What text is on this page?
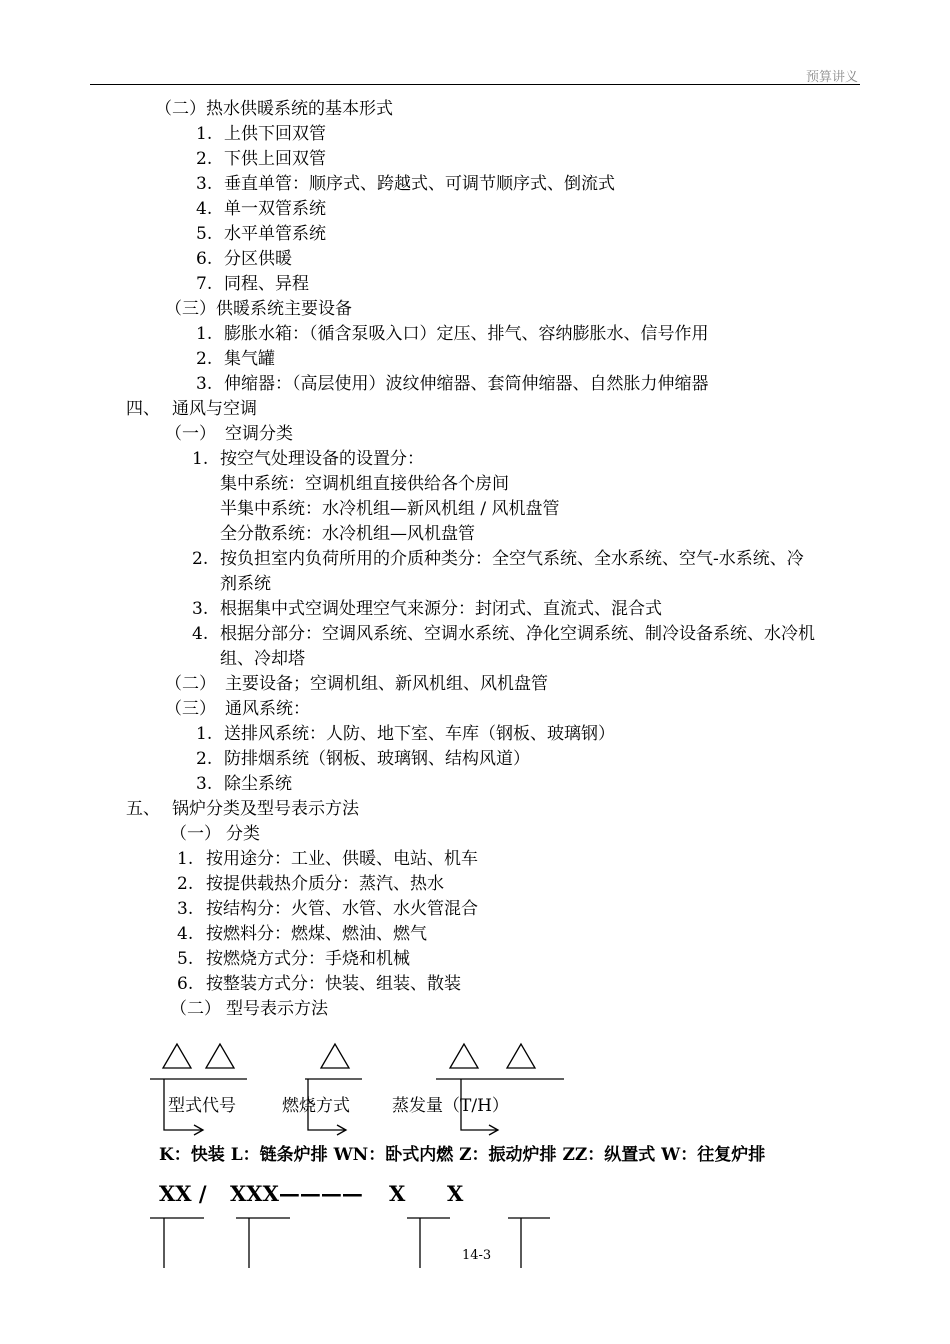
预算讲义
（二）热水供暖系统的基本形式
1. 上供下回双管
2. 下供上回双管
3. 垂直单管：顺序式、跨越式、可调节顺序式、倒流式
4. 单一双管系统
5. 水平单管系统
6. 分区供暖
7. 同程、异程
（三）供暖系统主要设备
1. 膨胀水箱：（循含泵吸入口）定压、排气、容纳膨胀水、信号作用
2. 集气罐
3. 伸缩器：（高层使用）波纹伸缩器、套筒伸缩器、自然胀力伸缩器
四、 通风与空调
（一） 空调分类
1. 按空气处理设备的设置分：
集中系统：空调机组直接供给各个房间
半集中系统：水冷机组—新风机组 / 风机盘管
全分散系统：水冷机组—风机盘管
2. 按负担室内负荷所用的介质种类分：全空气系统、全水系统、空气-水系统、冷
剂系统
3. 根据集中式空调处理空气来源分：封闭式、直流式、混合式
4. 根据分部分：空调风系统、空调水系统、净化空调系统、制冷设备系统、水冷机
组、冷却塔
（二） 主要设备；空调机组、新风机组、风机盘管
（三） 通风系统：
1. 送排风系统：人防、地下室、车库（钢板、玻璃钢）
2. 防排烟系统（钢板、玻璃钢、结构风道）
3. 除尘系统
五、 锅炉分类及型号表示方法
（一） 分类
1. 按用途分：工业、供暖、电站、机车
2. 按提供载热介质分：蒸汽、热水
3. 按结构分：火管、水管、水火管混合
4. 按燃料分：燃煤、燃油、燃气
5. 按燃烧方式分：手烧和机械
6. 按整装方式分：快装、组装、散装
（二） 型号表示方法
型式代号	燃烧方式 蒸发量（T/H）
K：快装 L：链条炉排 WN：卧式内燃 Z：振动炉排 ZZ：纵置式 W：往复炉排
XX / XXX———— X X
14-3
